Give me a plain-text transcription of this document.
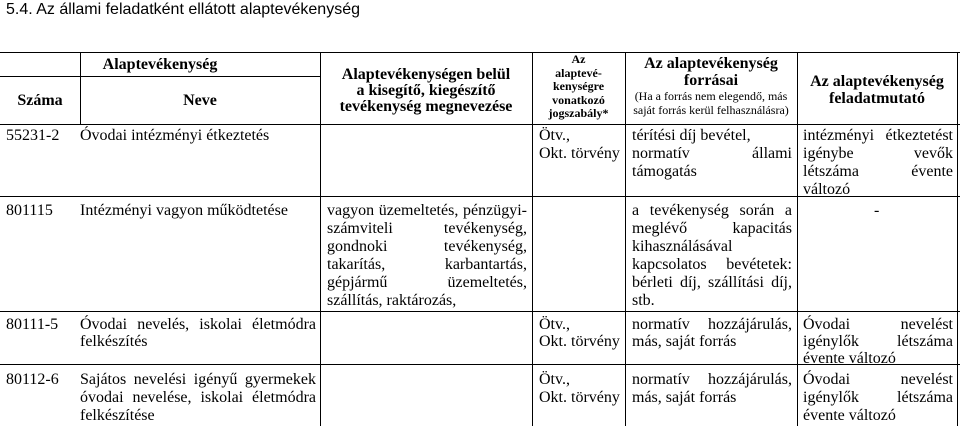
5.4. Az állami feladatként ellátott alaptevékenység
Alaptevékenység
Száma	Neve
Alaptevékenységen belül
a kisegítő, kiegészítő
tevékenység megnevezése
Az
alaptevé-
kenységre
vonatkozó
jogszabály*
Az alaptevékenység
forrásai
(Ha a forrás nem elegendő, más
saját forrás kerül felhasználásra)
Az alaptevékenység
feladatmutató
55231-2 Óvodai intézményi étkeztetés	Ötv.,
Okt. törvény
térítési díj bevétel,
normatív állami
támogatás
intézményi étkeztetést
igénybe vevők
létszáma évente
változó
801115 Intézményi vagyon működtetése vagyon üzemeltetés, pénzügyi-
számviteli tevékenység,
gondnoki tevékenység,
takarítás, karbantartás,
gépjármű üzemeltetés,
szállítás, raktározás,
a tevékenység során a
meglévő kapacitás
kihasználásával
kapcsolatos bevétetek:
bérleti díj, szállítási díj,
stb.
-
80111-5 Óvodai nevelés, iskolai életmódra
felkészítés
Ötv.,
Okt. törvény
normatív hozzájárulás,
más, saját forrás
Óvodai nevelést
igénylők létszáma
évente változó
80112-6 Sajátos nevelési igényű gyermekek
óvodai nevelése, iskolai életmódra
felkészítése
Ötv.,
Okt. törvény
normatív hozzájárulás,
más, saját forrás
Óvodai nevelést
igénylők létszáma
évente változó
